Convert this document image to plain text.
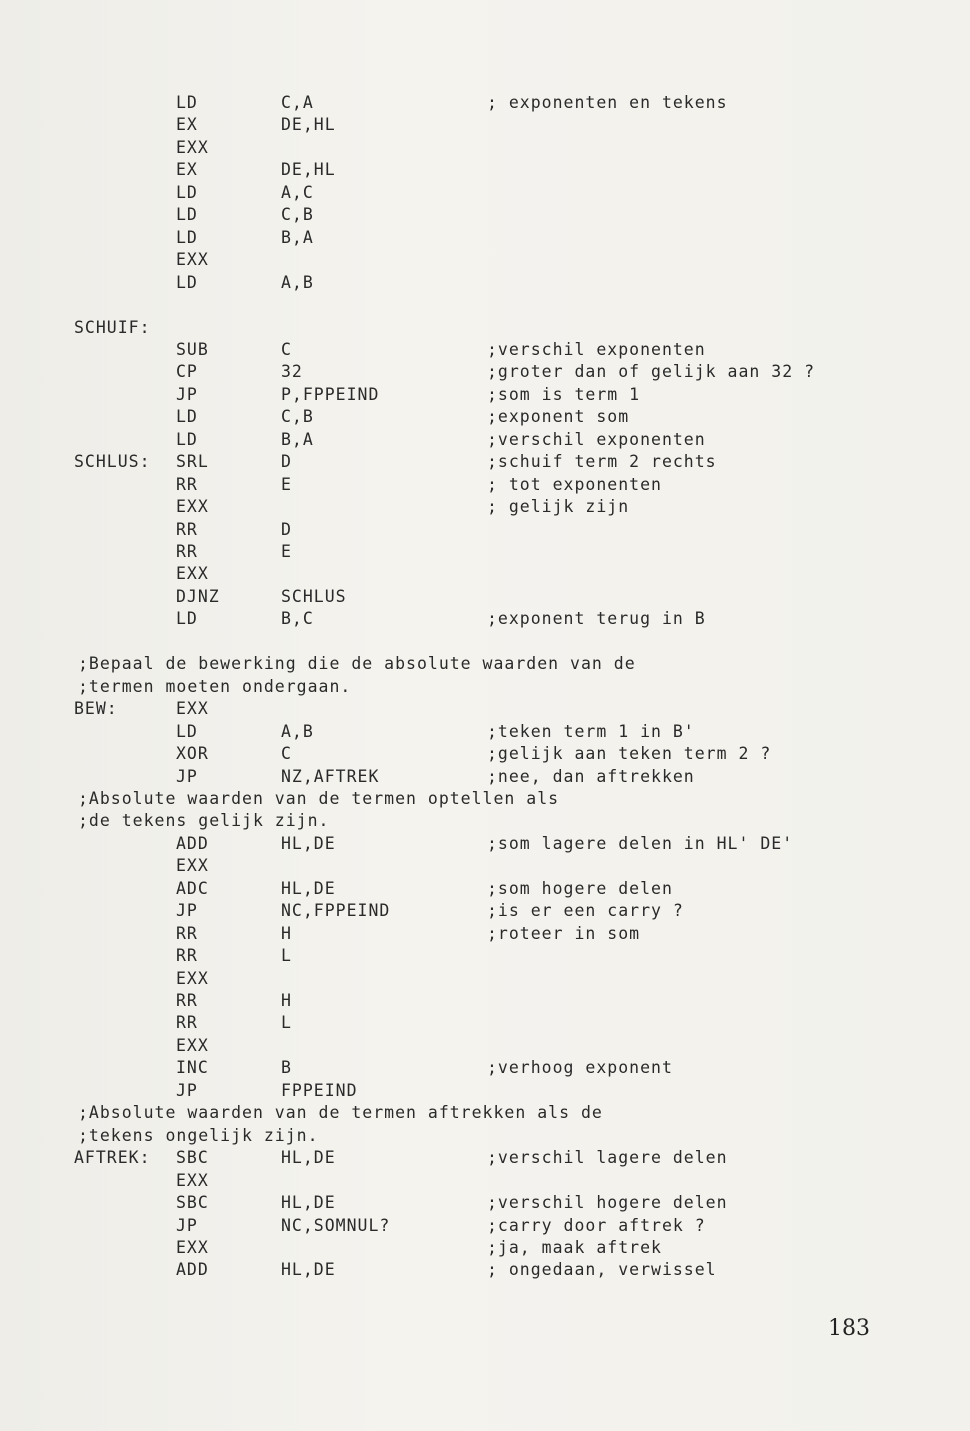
LD	C,A	; exponenten en tekens
EX	DE,HL
EXX
EX	DE,HL
LD	A,C
LD	C,B
LD	B,A
EXX
LD	A,B
SCHUIF:
SUB	C	;verschil exponenten
CP	32	;groter dan of gelijk aan 32 ?
JP	P,FPPEIND	;som is term 1
LD	C,B	;exponent som
LD	B,A	;verschil exponenten
SCHLUS: SRL	D	;schuif term 2 rechts
RR	E	; tot exponenten
EXX	; gelijk zijn
RR	D
RR	E
EXX
DJNZ	SCHLUS
LD	B,C	;exponent terug in B
;Bepaal de bewerking die de absolute waarden van de
;termen moeten ondergaan.
BEW:	EXX
LD	A,B	;teken term 1 in B'
XOR	C	;gelijk aan teken term 2 ?
JP	NZ,AFTREK	;nee, dan aftrekken
;Absolute waarden van de termen optellen als
;de tekens gelijk zijn.
ADD	HL,DE	;som lagere delen in HL' DE'
EXX
ADC	HL,DE	;som hogere delen
JP	NC,FPPEIND	;is er een carry ?
RR	H	;roteer in som
RR	L
EXX
RR	H
RR	L
EXX
INC	B	;verhoog exponent
JP	FPPEIND
;Absolute waarden van de termen aftrekken als de
;tekens ongelijk zijn.
AFTREK: SBC	HL,DE	;verschil lagere delen
EXX
SBC	HL,DE	;verschil hogere delen
JP	NC,SOMNUL?	;carry door aftrek ?
EXX	;ja, maak aftrek
ADD	HL,DE	; ongedaan, verwissel
183
